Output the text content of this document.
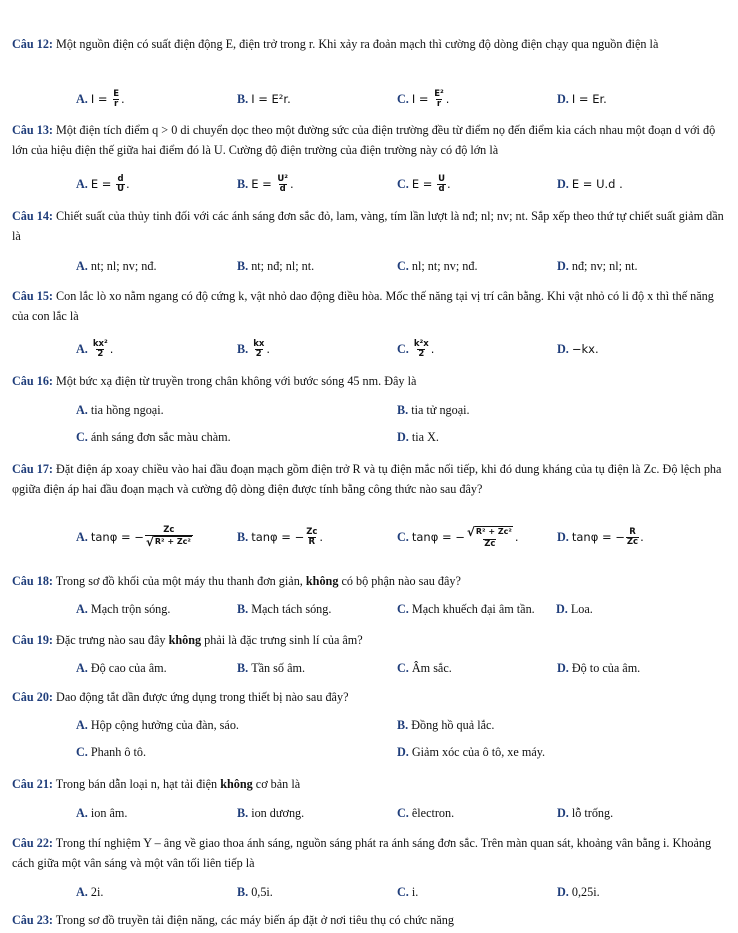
Câu 12: Một nguồn điện có suất điện động E, điện trở trong r. Khi xảy ra đoản mạch thì cường độ dòng điện chạy qua nguồn điện là
A. I =
$\frac{E}{r}$ .	B. I = E²r.	C. I =
$\frac{\text{E²}}{r}$ .	D. I = Er.
Câu 13: Một điện tích điểm q > 0 di chuyển dọc theo một đường sức của điện trường đều từ điểm nọ đến điểm kia cách nhau một đoạn d với độ lớn của hiệu điện thế giữa hai điểm đó là U. Cường độ điện trường của điện trường này có độ lớn là
A. E =
$\frac{d}{U}$ .	B. E =
$\frac{\text{U²}}{d}$ .	C. E =
$\frac{U}{d}$ .	D. E = U.d .
Câu 14: Chiết suất của thủy tinh đối với các ánh sáng đơn sắc đỏ, lam, vàng, tím lần lượt là nđ; nl; nv; nt. Sắp xếp theo thứ tự chiết suất giảm dần là
A. nt; nl; nv; nđ.	B. nt; nđ; nl; nt.	C. nl; nt; nv; nđ.	D. nđ; nv; nl; nt.
Câu 15: Con lắc lò xo nằm ngang có độ cứng k, vật nhỏ dao động điều hòa. Mốc thế năng tại vị trí cân bằng. Khi vật nhỏ có li độ x thì thế năng của con lắc là
A. $\frac{\text{kx²}}{2}$ .	B. $\frac{kx}{2}$ .	C. $\frac{\text{k²x}}{2}$ .	D. −kx.
Câu 16: Một bức xạ điện từ truyền trong chân không với bước sóng 45 nm. Đây là
A. tia hồng ngoại.	B. tia tử ngoại.
C. ánh sáng đơn sắc màu chàm.	D. tia X.
Câu 17: Đặt điện áp xoay chiều vào hai đầu đoạn mạch gồm điện trở R và tụ điện mắc nối tiếp, khi đó dung kháng của tụ điện là Zc. Độ lệch pha φgiữa điện áp hai đầu đoạn mạch và cường độ dòng điện được tính bằng công thức nào sau đây?
A. tanφ = − $\frac{Zc}{\text{√ R² + Zc²}}$	B. tanφ = − $\frac{Zc}{R}$ .	C. tanφ = − $\frac{\text{√ R² + Zc²}}{Zc}$ .	D. tanφ = − $\frac{R}{Zc}$ .
Câu 18: Trong sơ đồ khối của một máy thu thanh đơn giản, không có bộ phận nào sau đây?
A. Mạch trộn sóng.	B. Mạch tách sóng.	C. Mạch khuếch đại âm tần. D. Loa.
Câu 19: Đặc trưng nào sau đây không phải là đặc trưng sinh lí của âm?
A. Độ cao của âm.	B. Tần số âm.	C. Âm sắc.	D. Độ to của âm.
Câu 20: Dao động tắt dần được ứng dụng trong thiết bị nào sau đây?
A. Hộp cộng hưởng của đàn, sáo.	B. Đồng hồ quả lắc.
C. Phanh ô tô.	D. Giảm xóc của ô tô, xe máy.
Câu 21: Trong bán dẫn loại n, hạt tải điện không cơ bản là
A. ion âm.	B. ion dương.	C. êlectron.	D. lỗ trống.
Câu 22: Trong thí nghiệm Y – âng về giao thoa ánh sáng, nguồn sáng phát ra ánh sáng đơn sắc. Trên màn quan sát, khoảng vân bằng i. Khoảng cách giữa một vân sáng và một vân tối liên tiếp là
A. 2i.	B. 0,5i.	C. i.	D. 0,25i.
Câu 23: Trong sơ đồ truyền tải điện năng, các máy biến áp đặt ở nơi tiêu thụ có chức năng
